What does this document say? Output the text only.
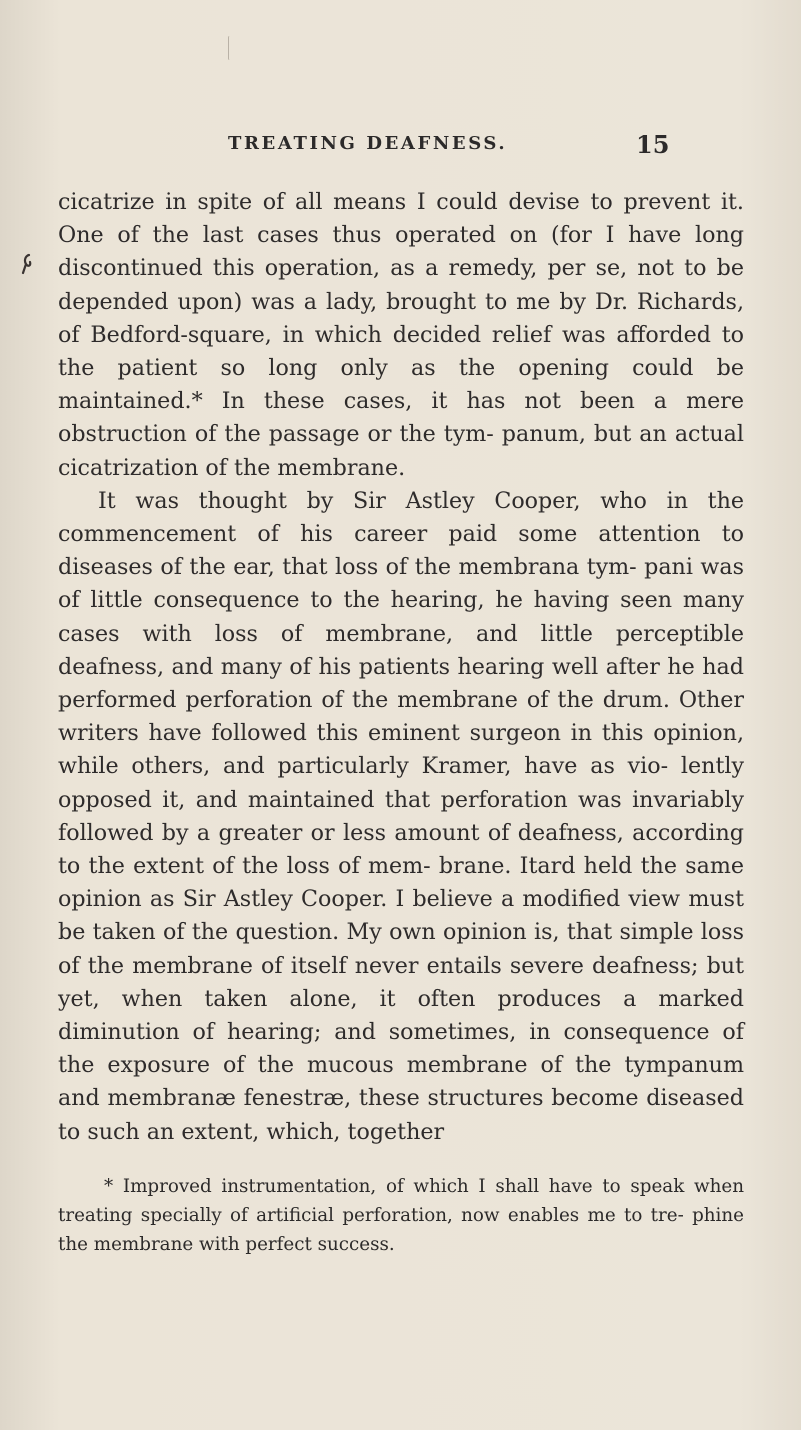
TREATING DEAFNESS.	15

cicatrize in spite of all means I could devise to prevent it. One of the last cases thus operated on (for I have long discontinued this operation, as a remedy, per se, not to be depended upon) was a lady, brought to me by Dr. Richards, of Bedford-square, in which decided relief was afforded to the patient so long only as the opening could be maintained.* In these cases, it has not been a mere obstruction of the passage or the tym- panum, but an actual cicatrization of the membrane.

It was thought by Sir Astley Cooper, who in the commencement of his career paid some attention to diseases of the ear, that loss of the membrana tym- pani was of little consequence to the hearing, he having seen many cases with loss of membrane, and little perceptible deafness, and many of his patients hearing well after he had performed perforation of the membrane of the drum. Other writers have followed this eminent surgeon in this opinion, while others, and particularly Kramer, have as vio- lently opposed it, and maintained that perforation was invariably followed by a greater or less amount of deafness, according to the extent of the loss of mem- brane. Itard held the same opinion as Sir Astley Cooper. I believe a modified view must be taken of the question. My own opinion is, that simple loss of the membrane of itself never entails severe deafness; but yet, when taken alone, it often produces a marked diminution of hearing; and sometimes, in consequence of the exposure of the mucous membrane of the tympanum and membranæ fenestræ, these structures become diseased to such an extent, which, together

* Improved instrumentation, of which I shall have to speak when treating specially of artificial perforation, now enables me to tre- phine the membrane with perfect success.
